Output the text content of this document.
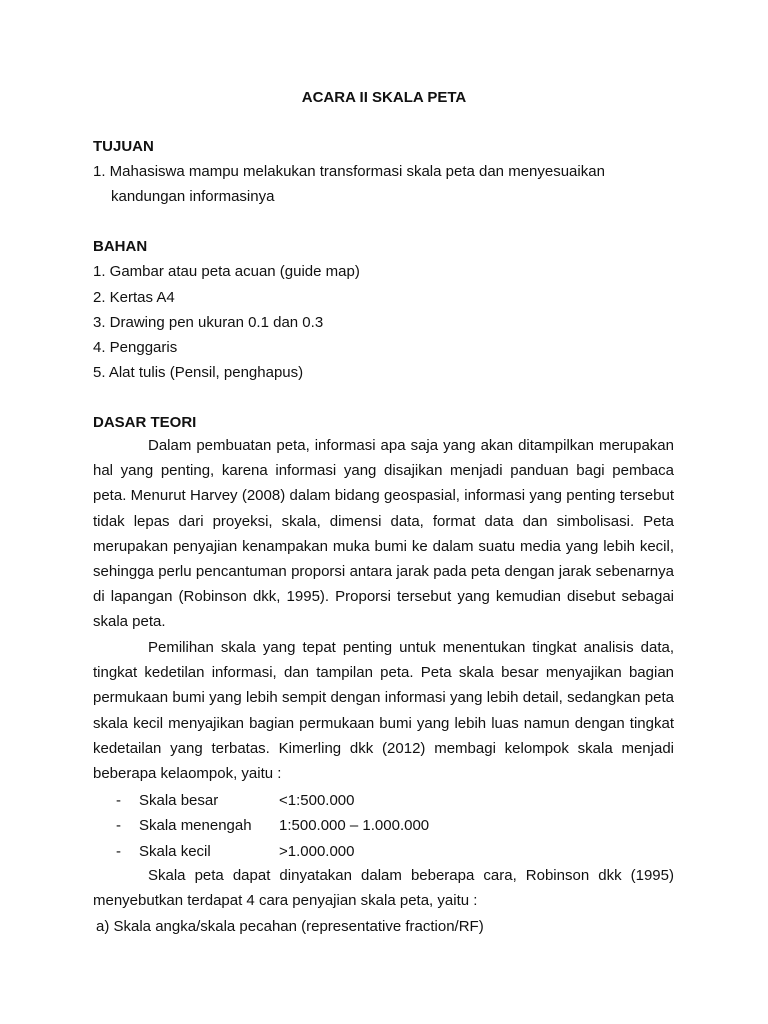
ACARA II SKALA PETA
TUJUAN
1. Mahasiswa mampu melakukan transformasi skala peta dan menyesuaikan
kandungan informasinya
BAHAN
1. Gambar atau peta acuan (guide map)
2. Kertas A4
3. Drawing pen ukuran 0.1 dan 0.3
4. Penggaris
5. Alat tulis (Pensil, penghapus)
DASAR TEORI

Dalam pembuatan peta, informasi apa saja yang akan ditampilkan merupakan hal yang penting, karena informasi yang disajikan menjadi panduan bagi pembaca peta. Menurut Harvey (2008) dalam bidang geospasial, informasi yang penting tersebut tidak lepas dari proyeksi, skala, dimensi data, format data dan simbolisasi. Peta merupakan penyajian kenampakan muka bumi ke dalam suatu media yang lebih kecil, sehingga perlu pencantuman proporsi antara jarak pada peta dengan jarak sebenarnya di lapangan (Robinson dkk, 1995). Proporsi tersebut yang kemudian disebut sebagai skala peta.

Pemilihan skala yang tepat penting untuk menentukan tingkat analisis data, tingkat kedetilan informasi, dan tampilan peta. Peta skala besar menyajikan bagian permukaan bumi yang lebih sempit dengan informasi yang lebih detail, sedangkan peta skala kecil menyajikan bagian permukaan bumi yang lebih luas namun dengan tingkat kedetailan yang terbatas. Kimerling dkk (2012) membagi kelompok skala menjadi beberapa kelaompok, yaitu :

- Skala besar	<1:500.000
- Skala menengah 1:500.000 – 1.000.000
- Skala kecil	>1.000.000

Skala peta dapat dinyatakan dalam beberapa cara, Robinson dkk (1995) menyebutkan terdapat 4 cara penyajian skala peta, yaitu :

a) Skala angka/skala pecahan (representative fraction/RF)
